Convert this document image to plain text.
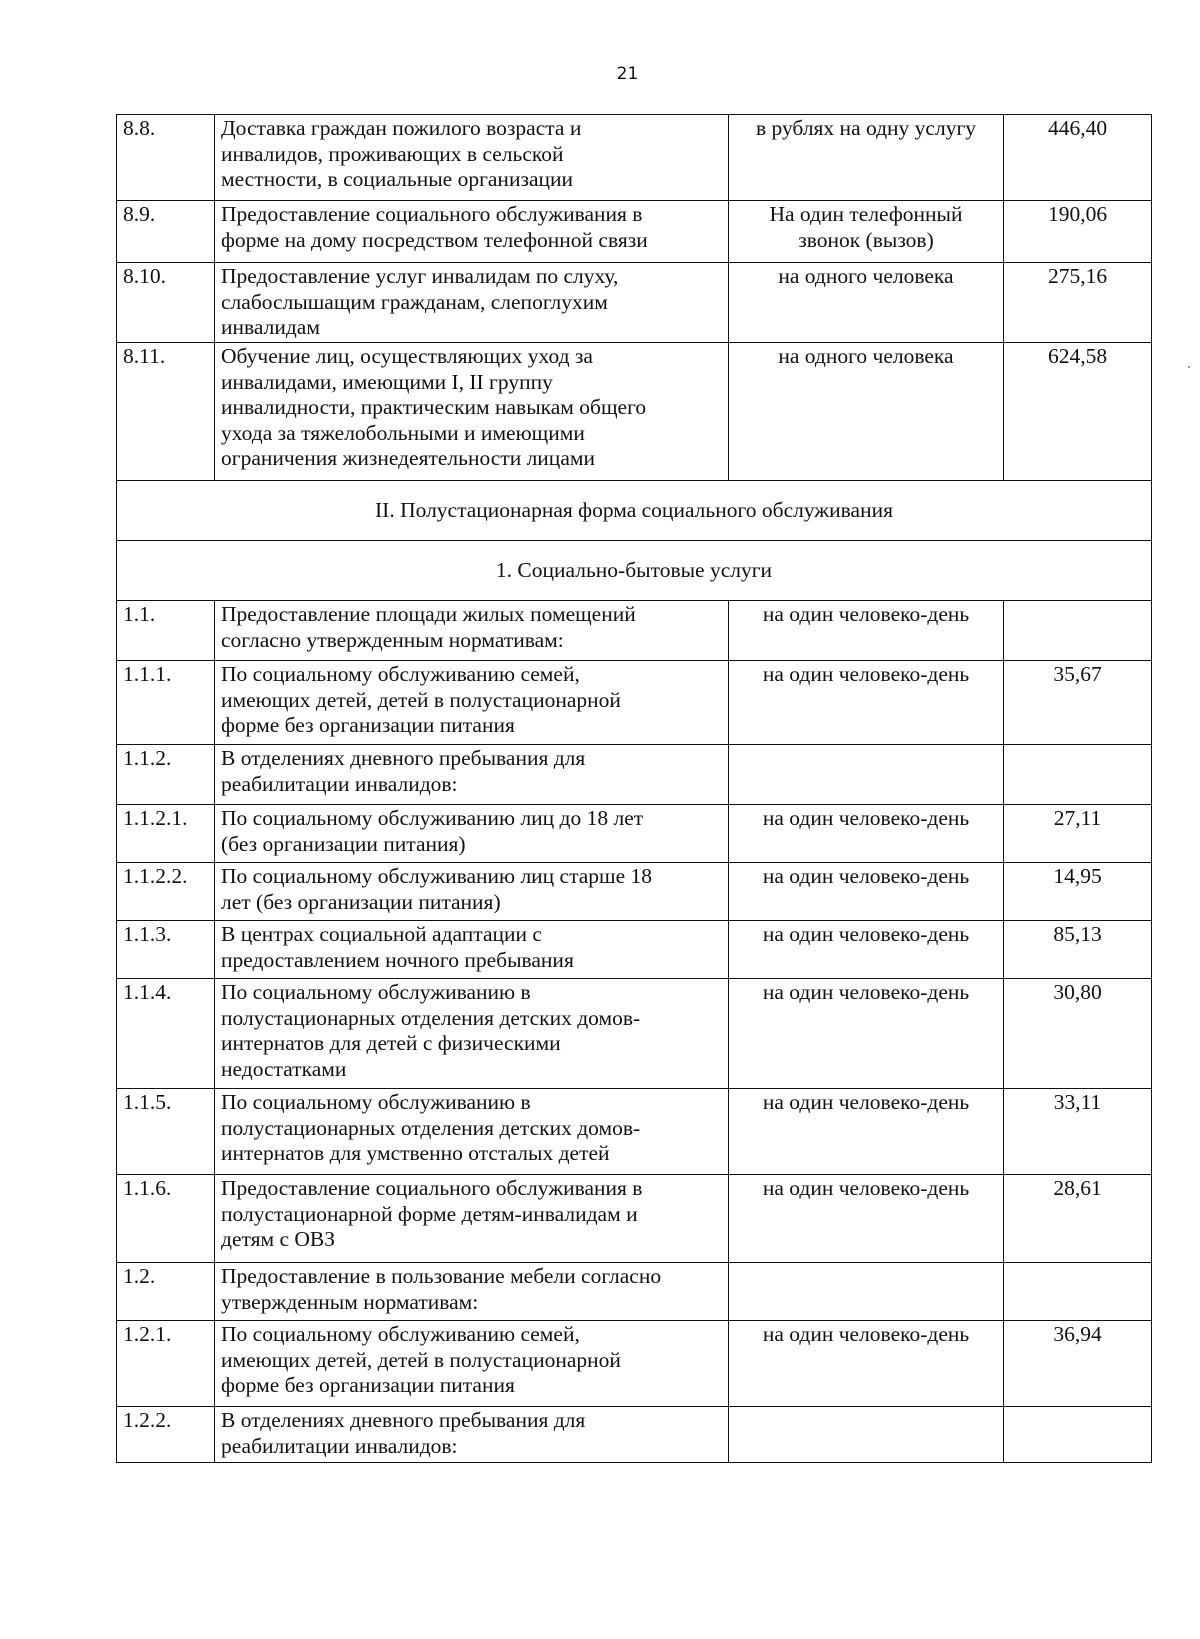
21
8.8.	Доставка граждан пожилого возраста и
инвалидов, проживающих в сельской
местности, в социальные организации	в рублях на одну услугу	446,40
8.9.	Предоставление социального обслуживания в
форме на дому посредством телефонной связи	На один телефонный
звонок (вызов)	190,06
8.10.	Предоставление услуг инвалидам по слуху,
слабослышащим гражданам, слепоглухим
инвалидам	на одного человека	275,16
8.11.	Обучение лиц, осуществляющих уход за
инвалидами, имеющими I, II группу
инвалидности, практическим навыкам общего
ухода за тяжелобольными и имеющими
ограничения жизнедеятельности лицами	на одного человека	624,58
II. Полустационарная форма социального обслуживания			
1. Социально-бытовые услуги			
1.1.	Предоставление площади жилых помещений
согласно утвержденным нормативам:	на один человеко-день	
1.1.1.	По социальному обслуживанию семей,
имеющих детей, детей в полустационарной
форме без организации питания	на один человеко-день	35,67
1.1.2.	В отделениях дневного пребывания для
реабилитации инвалидов:		
1.1.2.1.	По социальному обслуживанию лиц до 18 лет
(без организации питания)	на один человеко-день	27,11
1.1.2.2.	По социальному обслуживанию лиц старше 18
лет (без организации питания)	на один человеко-день	14,95
1.1.3.	В центрах социальной адаптации с
предоставлением ночного пребывания	на один человеко-день	85,13
1.1.4.	По социальному обслуживанию в
полустационарных отделения детских домов-
интернатов для детей с физическими
недостатками	на один человеко-день	30,80
1.1.5.	По социальному обслуживанию в
полустационарных отделения детских домов-
интернатов для умственно отсталых детей	на один человеко-день	33,11
1.1.6.	Предоставление социального обслуживания в
полустационарной форме детям-инвалидам и
детям с ОВЗ	на один человеко-день	28,61
1.2.	Предоставление в пользование мебели согласно
утвержденным нормативам:		
1.2.1.	По социальному обслуживанию семей,
имеющих детей, детей в полустационарной
форме без организации питания	на один человеко-день	36,94
1.2.2.	В отделениях дневного пребывания для
реабилитации инвалидов:		
